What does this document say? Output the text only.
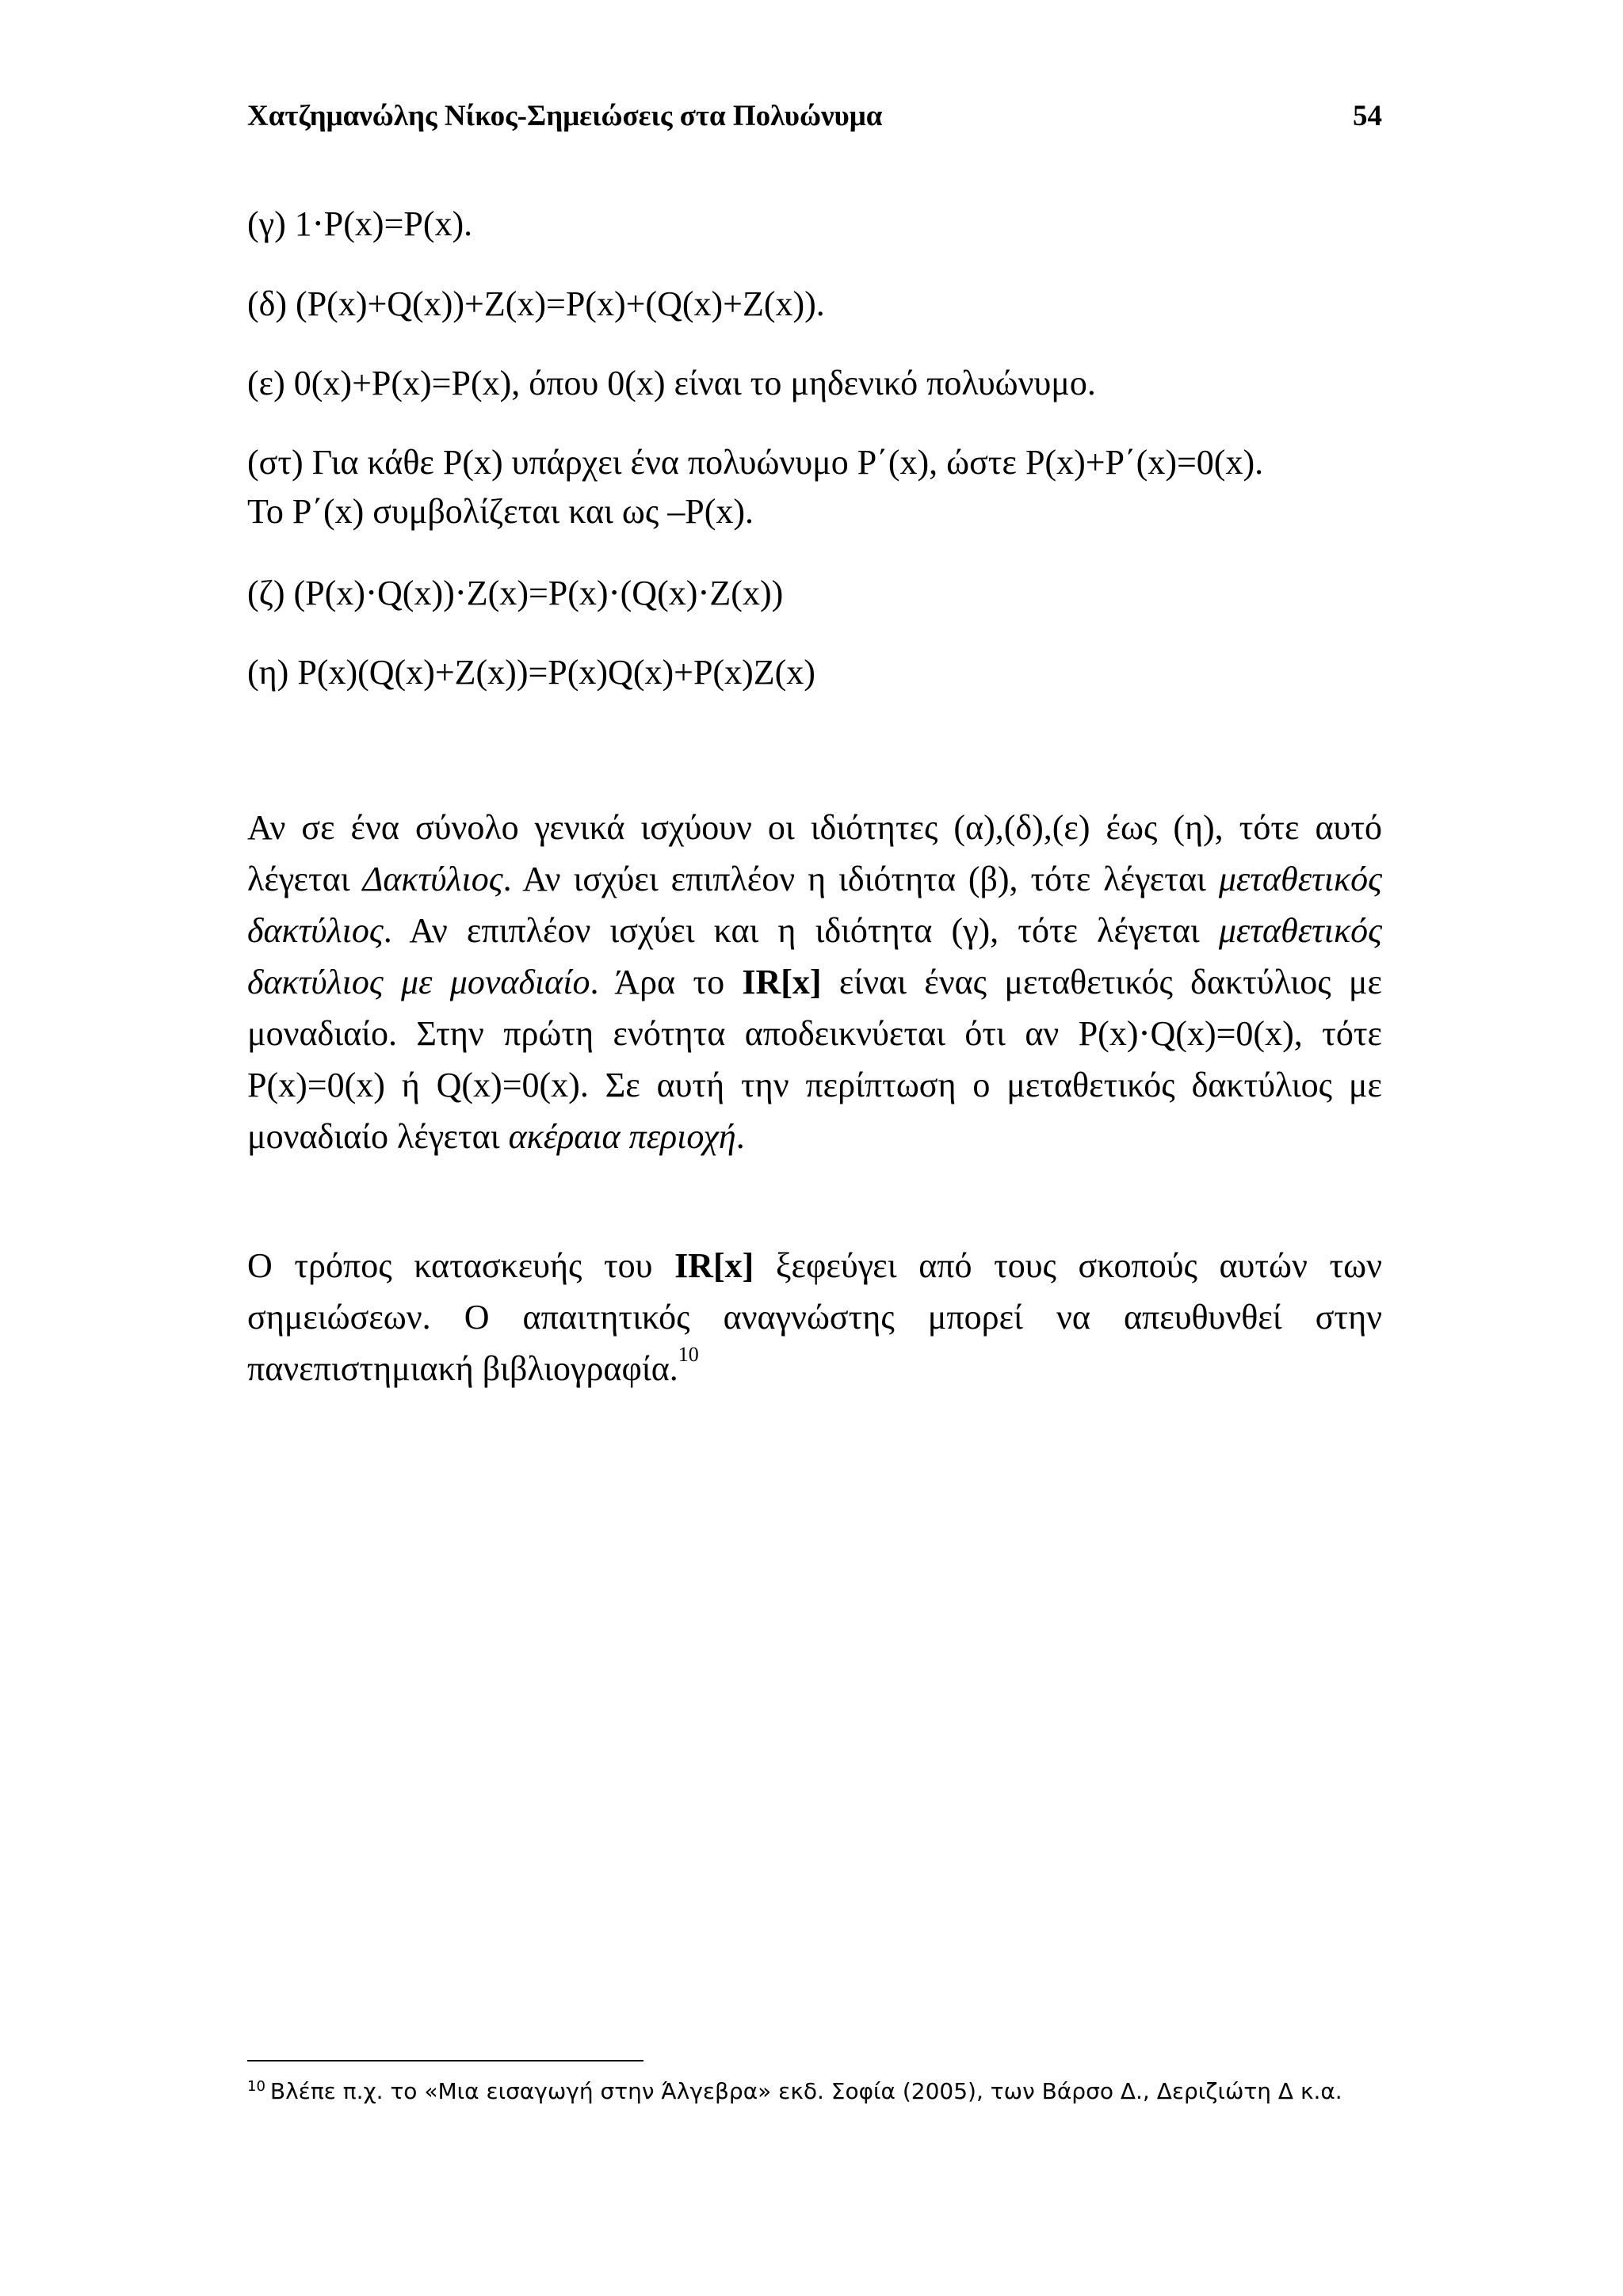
Χατζημανώλης Νίκος-Σημειώσεις στα Πολυώνυμα	54
(γ) 1⋅P(x)=P(x).
(δ) (P(x)+Q(x))+Z(x)=P(x)+(Q(x)+Z(x)).
(ε) 0(x)+P(x)=P(x), όπου 0(x) είναι το μηδενικό πολυώνυμο.
(στ) Για κάθε P(x) υπάρχει ένα πολυώνυμο P΄(x), ώστε P(x)+P΄(x)=0(x).
Το P΄(x) συμβολίζεται και ως –P(x).
(ζ) (P(x)⋅Q(x))⋅Z(x)=P(x)⋅(Q(x)⋅Z(x))
(η) P(x)(Q(x)+Z(x))=P(x)Q(x)+P(x)Z(x)

Αν σε ένα σύνολο γενικά ισχύουν οι ιδιότητες (α),(δ),(ε) έως (η), τότε αυτό λέγεται Δακτύλιος. Αν ισχύει επιπλέον η ιδιότητα (β), τότε λέγεται μεταθετικός δακτύλιος. Αν επιπλέον ισχύει και η ιδιότητα (γ), τότε λέγεται μεταθετικός δακτύλιος με μοναδιαίο. Άρα το IR[x] είναι ένας μεταθετικός δακτύλιος με μοναδιαίο. Στην πρώτη ενότητα αποδεικνύεται ότι αν P(x)⋅Q(x)=0(x), τότε P(x)=0(x) ή Q(x)=0(x). Σε αυτή την περίπτωση ο μεταθετικός δακτύλιος με μοναδιαίο λέγεται ακέραια περιοχή.

Ο τρόπος κατασκευής του IR[x] ξεφεύγει από τους σκοπούς αυτών των σημειώσεων. Ο απαιτητικός αναγνώστης μπορεί να απευθυνθεί στην πανεπιστημιακή βιβλιογραφία.$^{10}$

$^{10}$ Βλέπε π.χ. το «Μια εισαγωγή στην Άλγεβρα» εκδ. Σοφία (2005), των Βάρσο Δ., Δεριζιώτη Δ κ.α.
